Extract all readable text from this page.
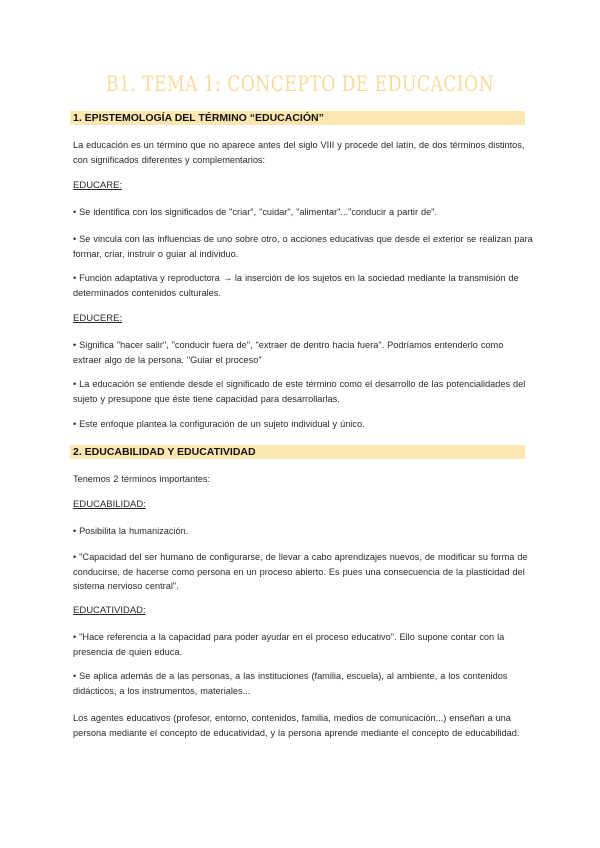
B1. TEMA 1: CONCEPTO DE EDUCACIÓN
1. EPISTEMOLOGÍA DEL TÉRMINO “EDUCACIÓN”
La educación es un término que no aparece antes del siglo VIII y procede del latín, de dos términos distintos, con significados diferentes y complementarios:
EDUCARE:
• Se identifica con los significados de "criar", "cuidar", "alimentar"..."conducir a partir de".
• Se vincula con las influencias de uno sobre otro, o acciones educativas que desde el exterior se realizan para formar, criar, instruir o guiar al individuo.
• Función adaptativa y reproductora → la inserción de los sujetos en la sociedad mediante la transmisión de determinados contenidos culturales.
EDUCERE:
• Significa "hacer salir", "conducir fuera de", "extraer de dentro hacia fuera". Podríamos entenderlo como extraer algo de la persona. "Guiar el proceso"
• La educación se entiende desde el significado de este término como el desarrollo de las potencialidades del sujeto y presupone que éste tiene capacidad para desarrollarlas.
• Este enfoque plantea la configuración de un sujeto individual y único.
2. EDUCABILIDAD Y EDUCATIVIDAD
Tenemos 2 términos importantes:
EDUCABILIDAD:
• Posibilita la humanización.
• "Capacidad del ser humano de configurarse, de llevar a cabo aprendizajes nuevos, de modificar su forma de conducirse, de hacerse como persona en un proceso abierto. Es pues una consecuencia de la plasticidad del sistema nervioso central".
EDUCATIVIDAD:
• "Hace referencia a la capacidad para poder ayudar en el proceso educativo". Ello supone contar con la presencia de quien educa.
• Se aplica además de a las personas, a las instituciones (familia, escuela), al ambiente, a los contenidos didácticos, a los instrumentos, materiales...
Los agentes educativos (profesor, entorno, contenidos, familia, medios de comunicación...) enseñan a una persona mediante el concepto de educatividad, y la persona aprende mediante el concepto de educabilidad.
